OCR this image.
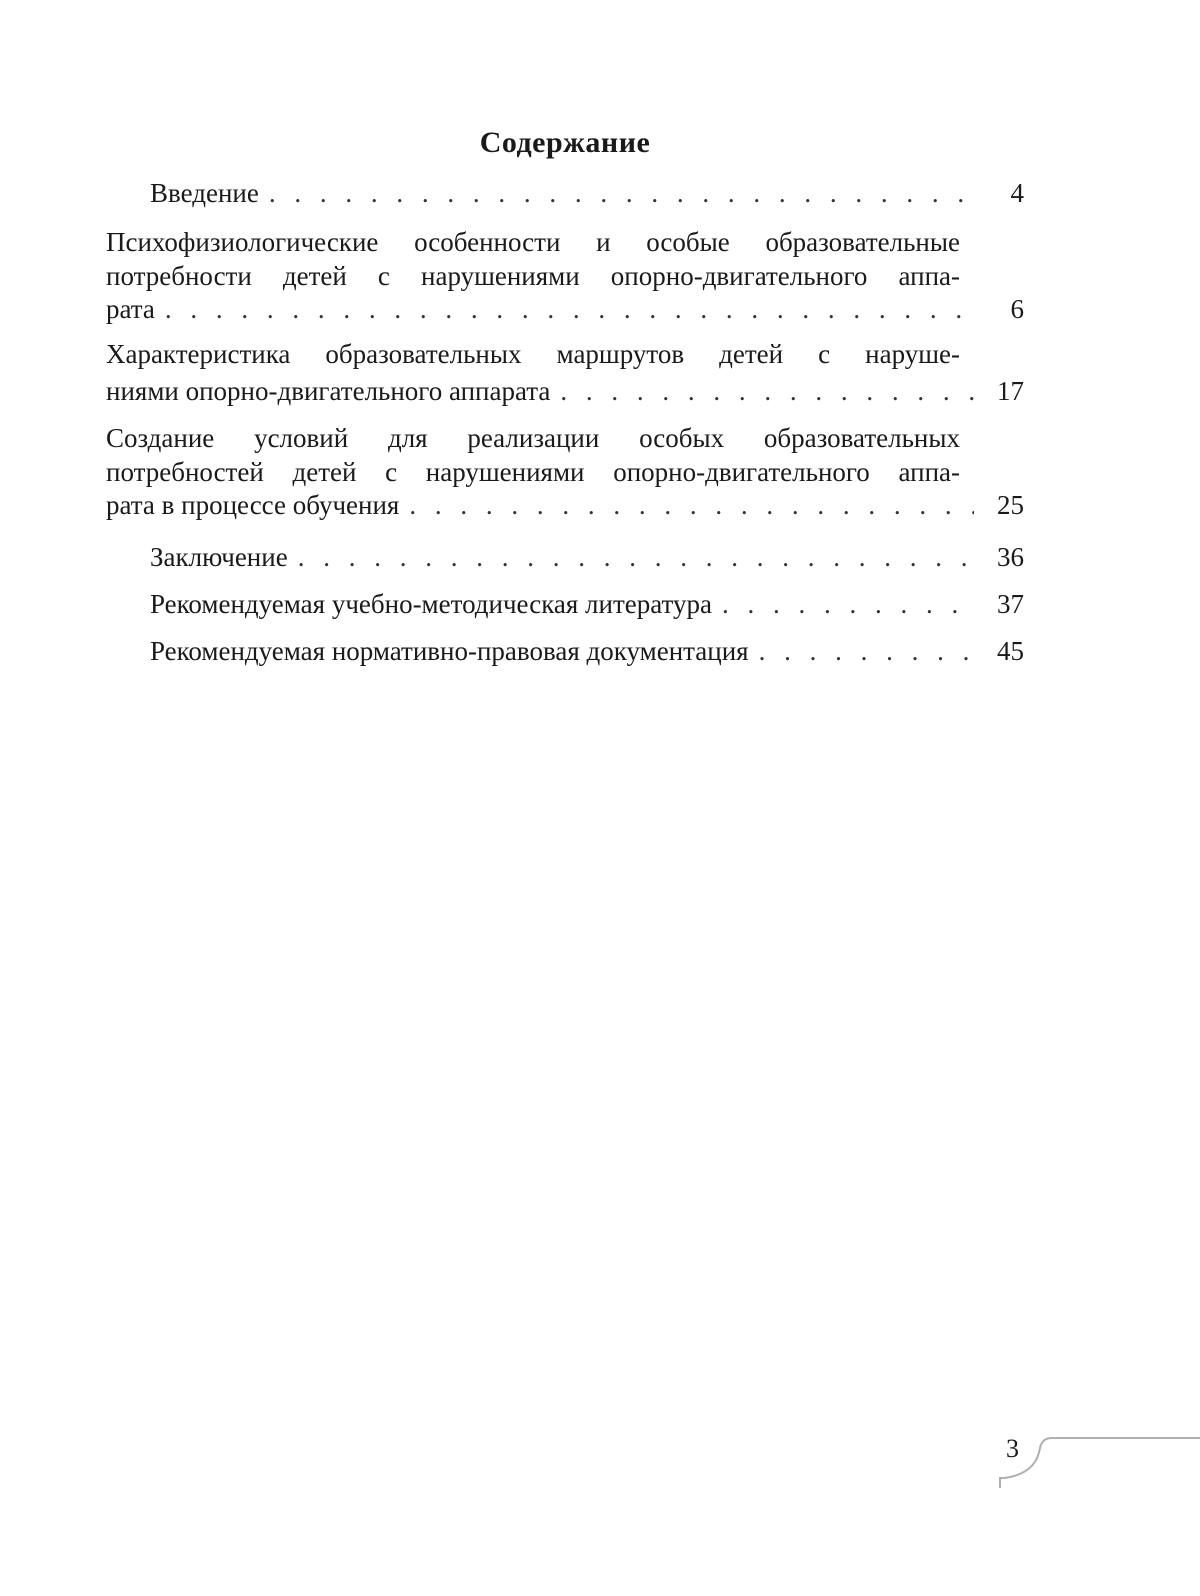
Содержание
Введение . . .	4
Психофизиологические особенности и особые образовательные
потребности детей с нарушениями опорно-двигательного аппа-
рата . . .	6
Характеристика образовательных маршрутов детей с наруше-
ниями опорно-двигательного аппарата . . .	17
Создание условий для реализации особых образовательных
потребностей детей с нарушениями опорно-двигательного аппа-
рата в процессе обучения . . .	25
Заключение . . .	36
Рекомендуемая учебно-методическая литература . . .	37
Рекомендуемая нормативно-правовая документация . . .	45
3
